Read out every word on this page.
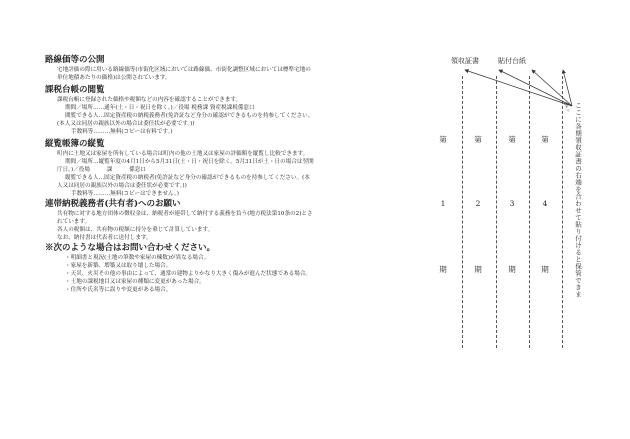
路線価等の公開
宅地評価の際に用いる路線価等(市街化区域においては路線価、市街化調整区域においては標準宅地の
単位地積あたりの価格)は公開されています。
課税台帳の閲覧
課税台帳に登録された価格や税額などの内容を確認することができます。
期間／場所……通年(土・日・祝日を除く。)／役場 税務課 資産税課税係窓口
閲覧できる人…固定資産税の納税義務者(免許証など身分の確認ができるものを持参してください。
(本人又は同居の親族以外の場合は委任状が必要です。))
手数料等………無料(コピーは有料です。)
縦覧帳簿の縦覧
町内に土地又は家屋を所有している場合は町内の他の土地又は家屋の評価額を縦覧し比較できます。
期間／場所…縦覧年度の4月1日から5月31日(土・日・祝日を除く。5月31日が土・日の場合は翌開
庁日。)／役場　　　課　　　係窓口
縦覧できる人…固定資産税の納税者(免許証など身分の確認ができるものを持参してください。(本
人又は同居の親族以外の場合は委任状が必要です。))
手数料等………無料(コピーはできません。)
連帯納税義務者(共有者)へのお願い
共有物に対する地方団体の徴収金は、納税者が連帯して納付する義務を負う(地方税法第10条の2)とさ
れています。
各人の税額は、共有物の税額に持分を乗じて計算しています。
なお、納付書は代表者に送付します。
※次のような場合はお問い合わせください。
・明細書と現況(土地の筆数や家屋の棟数)が異なる場合。
・家屋を新築、増築又は取り壊した場合。
・天災、火災その他の事由によって、通常の建物よりかなり大きく傷みが進んだ状態である場合。
・土地の課税地目又は家屋の種類に変更があった場合。
・住所や氏名等に誤りや変更がある場合。
領収証書	貼付台紙
第
1
期
第
2
期
第
3
期
第
4
期	ここに各期領収証書の右端を合わせて貼り付けると保管できます。
